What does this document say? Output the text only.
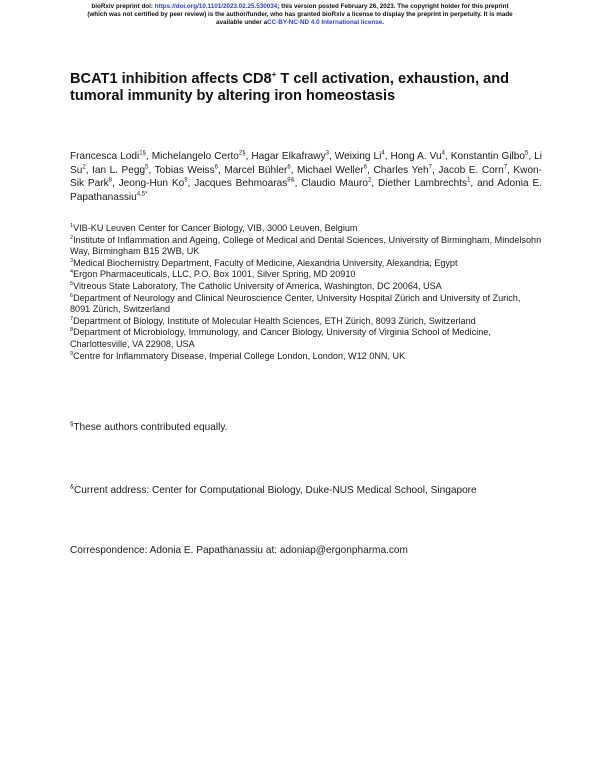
bioRxiv preprint doi: https://doi.org/10.1101/2023.02.25.530034; this version posted February 26, 2023. The copyright holder for this preprint
(which was not certified by peer review) is the author/funder, who has granted bioRxiv a license to display the preprint in perpetuity. It is made
available under aCC-BY-NC-ND 4.0 International license.
BCAT1 inhibition affects CD8+ T cell activation, exhaustion, and tumoral immunity by altering iron homeostasis
Francesca Lodi$^{1\S}$, Michelangelo Certo$^{2\S}$, Hagar Elkafrawy$^3$, Weixing Li$^4$, Hong A. Vu$^4$, Konstantin Gilbo$^5$, Li Su$^2$, Ian L. Pegg$^5$, Tobias Weiss$^6$, Marcel Bühler$^6$, Michael Weller$^6$, Charles Yeh$^7$, Jacob E. Corn$^7$, Kwon-Sik Park$^8$, Jeong-Hun Ko$^9$, Jacques Behmoaras$^{9\&}$, Claudio Mauro$^2$, Diether Lambrechts$^1$, and Adonia E. Papathanassiu$^{4,5*}$
$^1$VIB-KU Leuven Center for Cancer Biology, VIB, 3000 Leuven, Belgium
$^2$Institute of Inflammation and Ageing, College of Medical and Dental Sciences, University of Birmingham, Mindelsohn Way, Birmingham B15 2WB, UK
$^3$Medical Biochemistry Department, Faculty of Medicine, Alexandria University, Alexandria, Egypt
$^4$Ergon Pharmaceuticals, LLC, P.O. Box 1001, Silver Spring, MD 20910
$^5$Vitreous State Laboratory, The Catholic University of America, Washington, DC 20064, USA
$^6$Department of Neurology and Clinical Neuroscience Center, University Hospital Zürich and University of Zurich, 8091 Zürich, Switzerland
$^7$Department of Biology, Institute of Molecular Health Sciences, ETH Zürich, 8093 Zürich, Switzerland
$^8$Department of Microbiology, Immunology, and Cancer Biology, University of Virginia School of Medicine, Charlottesville, VA 22908, USA
$^9$Centre for Inflammatory Disease, Imperial College London, London, W12 0NN, UK
§These authors contributed equally.
&Current address: Center for Computational Biology, Duke-NUS Medical School, Singapore
Correspondence: Adonia E. Papathanassiu at: adoniap@ergonpharma.com
